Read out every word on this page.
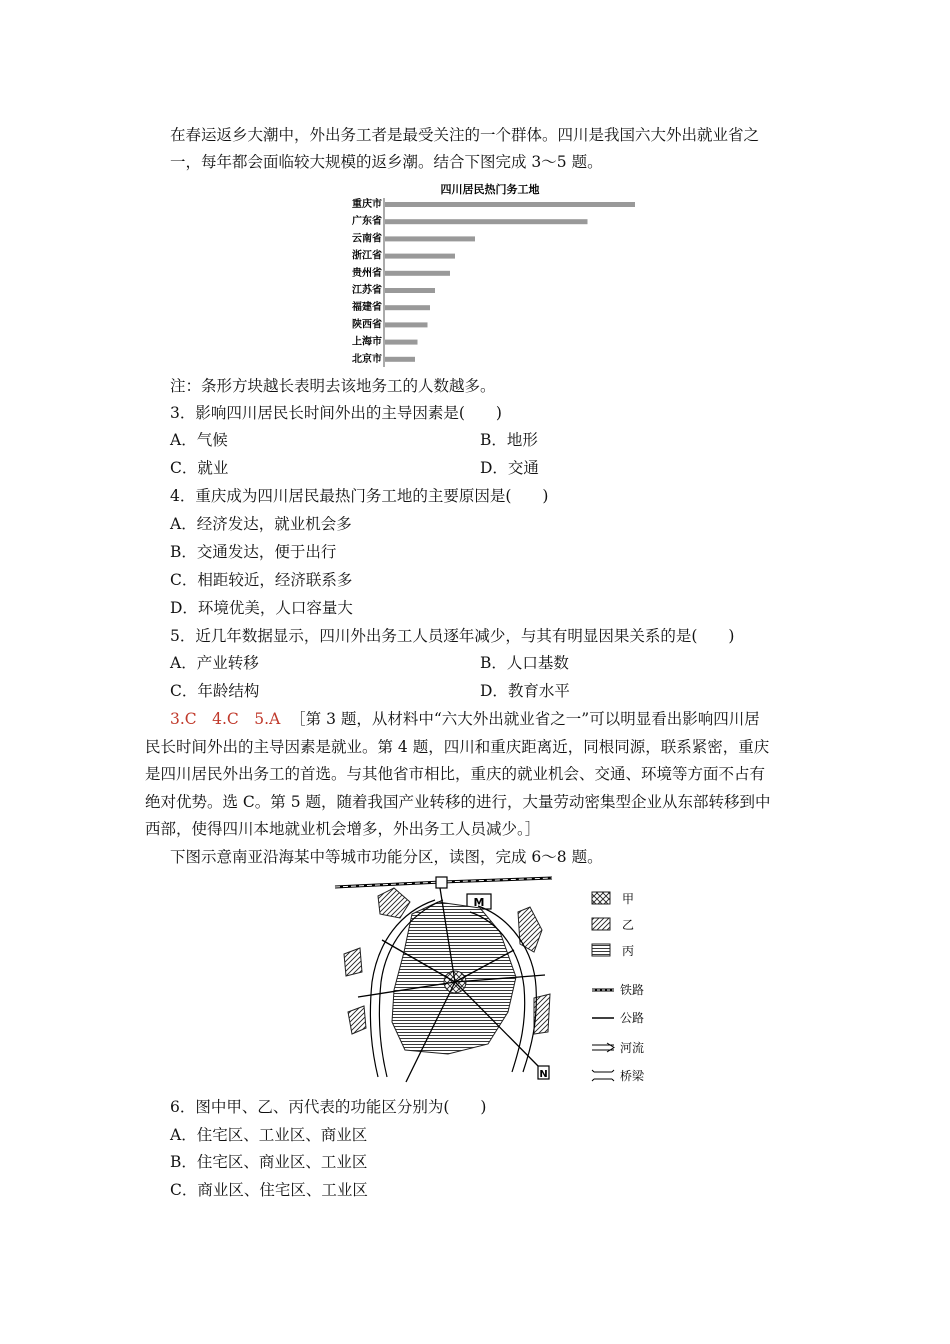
在春运返乡大潮中，外出务工者是最受关注的一个群体。四川是我国六大外出就业省之
一，每年都会面临较大规模的返乡潮。结合下图完成 3～5 题。
四川居民热门务工地
重庆市
广东省
云南省
浙江省
贵州省
江苏省
福建省
陕西省
上海市
北京市
注：条形方块越长表明去该地务工的人数越多。
3．影响四川居民长时间外出的主导因素是(　　)
A．气候	B．地形
C．就业	D．交通
4．重庆成为四川居民最热门务工地的主要原因是(　　)
A．经济发达，就业机会多
B．交通发达，便于出行
C．相距较近，经济联系多
D．环境优美，人口容量大
5．近几年数据显示，四川外出务工人员逐年减少，与其有明显因果关系的是(　　)
A．产业转移	B．人口基数
C．年龄结构	D．教育水平
3.C　4.C　5.A ［第 3 题，从材料中“六大外出就业省之一”可以明显看出影响四川居
民长时间外出的主导因素是就业。第 4 题，四川和重庆距离近，同根同源，联系紧密，重庆
是四川居民外出务工的首选。与其他省市相比，重庆的就业机会、交通、环境等方面不占有
绝对优势。选 C。第 5 题，随着我国产业转移的进行，大量劳动密集型企业从东部转移到中
西部，使得四川本地就业机会增多，外出务工人员减少。］
下图示意南亚沿海某中等城市功能分区，读图，完成 6～8 题。
M
N
甲
乙
丙
铁路
公路
河流
桥梁
6．图中甲、乙、丙代表的功能区分别为(　　)
A．住宅区、工业区、商业区
B．住宅区、商业区、工业区
C．商业区、住宅区、工业区
